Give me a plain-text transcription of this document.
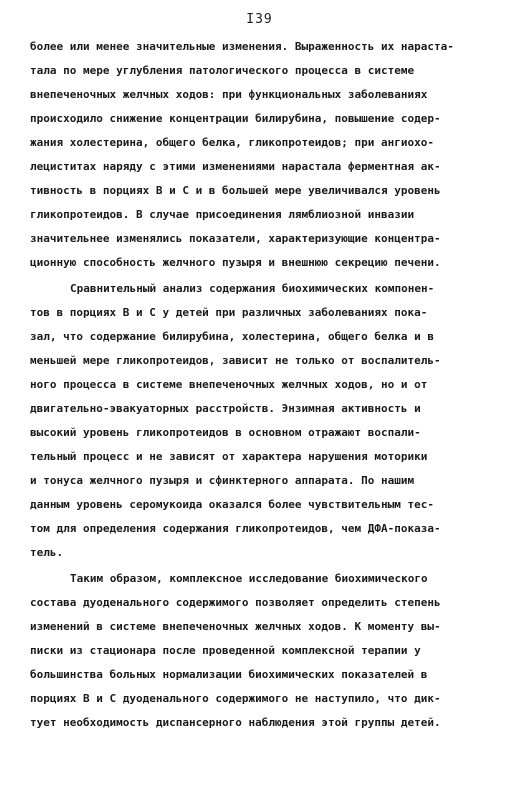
I39
более или менее значительные изменения. Выраженность их нараста-
тала по мере углубления патологического процесса в системе
внепеченочных желчных ходов: при функциональных заболеваниях
происходило снижение концентрации билирубина, повышение содер-
жания холестерина, общего белка, гликопротеидов; при ангиохо-
лециститах наряду с этими изменениями нарастала ферментная ак-
тивность в порциях В и С и в большей мере увеличивался уровень
гликопротеидов. В случае присоединения лямблиозной инвазии
значительнее изменялись показатели, характеризующие концентра-
ционную способность желчного пузыря и внешнюю секрецию печени.
Сравнительный анализ содержания биохимических компонен-
тов в порциях В и С у детей при различных заболеваниях пока-
зал, что содержание билирубина, холестерина, общего белка и в
меньшей мере гликопротеидов, зависит не только от воспалитель-
ного процесса в системе внепеченочных желчных ходов, но и от
двигательно-эвакуаторных расстройств. Энзимная активность и
высокий уровень гликопротеидов в основном отражают воспали-
тельный процесс и не зависят от характера нарушения моторики
и тонуса желчного пузыря и сфинктерного аппарата. По нашим
данным уровень серомукоида оказался более чувствительным тес-
том для определения содержания гликопротеидов, чем ДФА-показа-
тель.
Таким образом, комплексное исследование биохимического
состава дуоденального содержимого позволяет определить степень
изменений в системе внепеченочных желчных ходов. К моменту вы-
писки из стационара после проведенной комплексной терапии у
большинства больных нормализации биохимических показателей в
порциях В и С дуоденального содержимого не наступило, что дик-
тует необходимость диспансерного наблюдения этой группы детей.
